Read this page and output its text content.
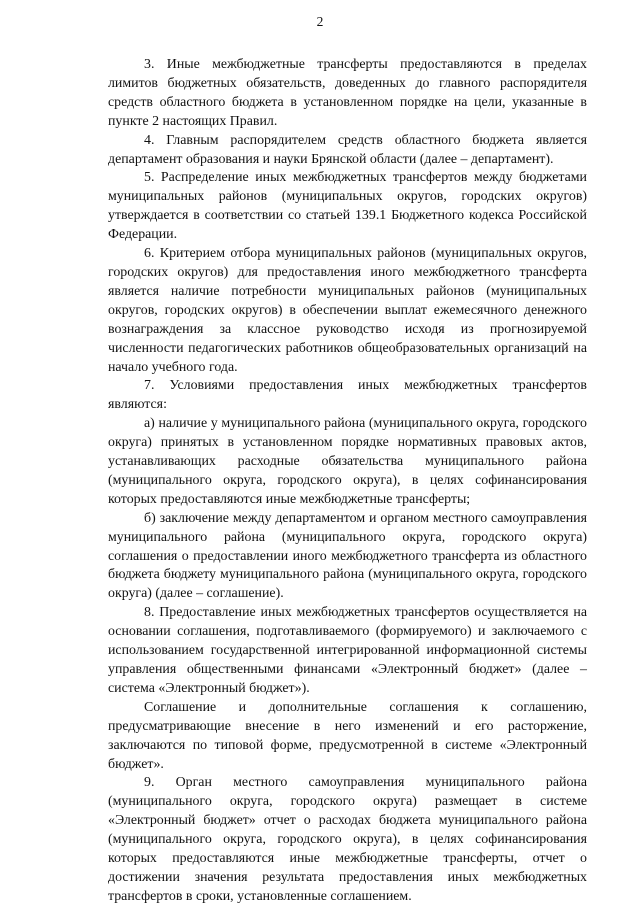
2

3. Иные межбюджетные трансферты предоставляются в пределах лимитов бюджетных обязательств, доведенных до главного распорядителя средств областного бюджета в установленном порядке на цели, указанные в пункте 2 настоящих Правил.

4. Главным распорядителем средств областного бюджета является департамент образования и науки Брянской области (далее – департамент).

5. Распределение иных межбюджетных трансфертов между бюджетами муниципальных районов (муниципальных округов, городских округов) утверждается в соответствии со статьей 139.1 Бюджетного кодекса Российской Федерации.

6. Критерием отбора муниципальных районов (муниципальных округов, городских округов) для предоставления иного межбюджетного трансферта является наличие потребности муниципальных районов (муниципальных округов, городских округов) в обеспечении выплат ежемесячного денежного вознаграждения за классное руководство исходя из прогнозируемой численности педагогических работников общеобразовательных организаций на начало учебного года.

7. Условиями предоставления иных межбюджетных трансфертов являются:

а) наличие у муниципального района (муниципального округа, городского округа) принятых в установленном порядке нормативных правовых актов, устанавливающих расходные обязательства муниципального района (муниципального округа, городского округа), в целях софинансирования которых предоставляются иные межбюджетные трансферты;

б) заключение между департаментом и органом местного самоуправления муниципального района (муниципального округа, городского округа) соглашения о предоставлении иного межбюджетного трансферта из областного бюджета бюджету муниципального района (муниципального округа, городского округа) (далее – соглашение).

8. Предоставление иных межбюджетных трансфертов осуществляется на основании соглашения, подготавливаемого (формируемого) и заключаемого с использованием государственной интегрированной информационной системы управления общественными финансами «Электронный бюджет» (далее – система «Электронный бюджет»).

Соглашение и дополнительные соглашения к соглашению, предусматривающие внесение в него изменений и его расторжение, заключаются по типовой форме, предусмотренной в системе «Электронный бюджет».

9. Орган местного самоуправления муниципального района (муниципального округа, городского округа) размещает в системе «Электронный бюджет» отчет о расходах бюджета муниципального района (муниципального округа, городского округа), в целях софинансирования которых предоставляются иные межбюджетные трансферты, отчет о достижении значения результата предоставления иных межбюджетных трансфертов в сроки, установленные соглашением.
